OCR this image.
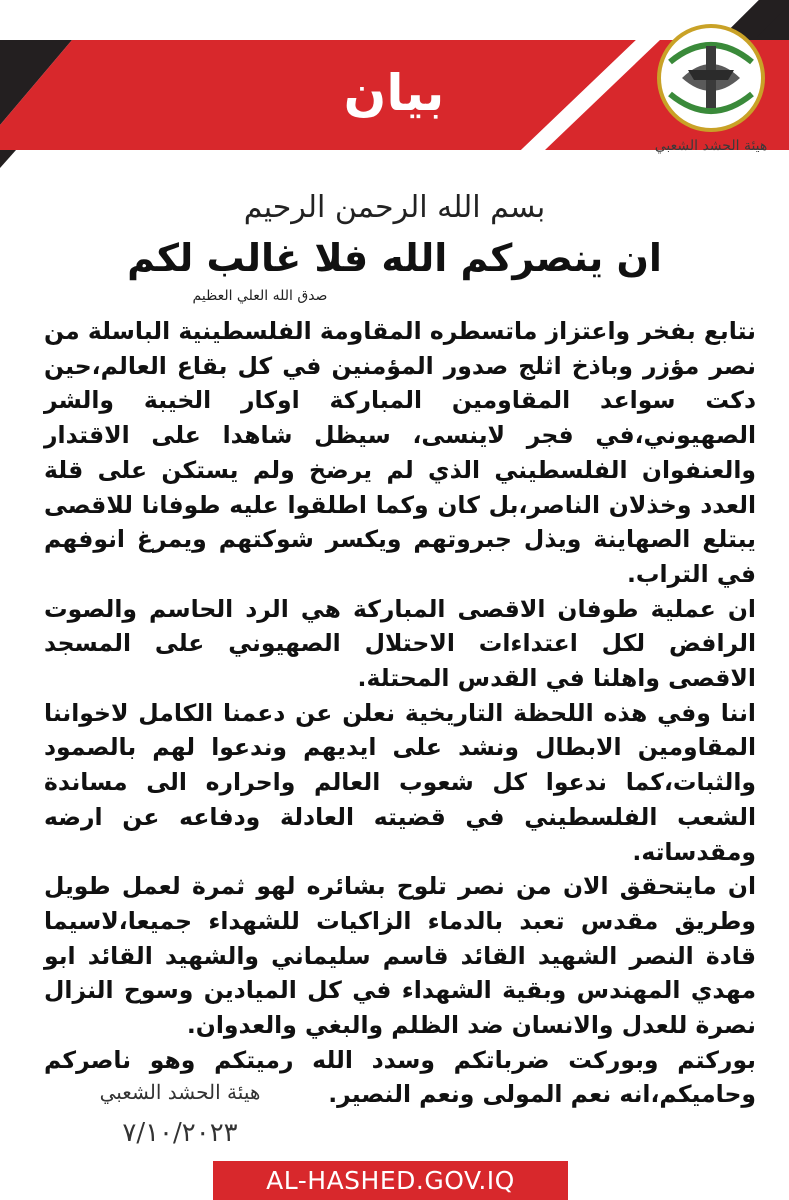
بيان
هيئة الحشد الشعبي
بسم الله الرحمن الرحيم
ان ينصركم الله فلا غالب لكم
صدق الله العلي العظيم

نتابع بفخر واعتزاز ماتسطره المقاومة الفلسطينية الباسلة من نصر مؤزر وباذخ اثلج صدور المؤمنين في كل بقاع العالم،حين دكت سواعد المقاومين المباركة اوكار الخيبة والشر الصهيوني،في فجر لاينسى، سيظل شاهدا على الاقتدار والعنفوان الفلسطيني الذي لم يرضخ ولم يستكن على قلة العدد وخذلان الناصر،بل كان وكما اطلقوا عليه طوفانا للاقصى يبتلع الصهاينة ويذل جبروتهم ويكسر شوكتهم ويمرغ انوفهم في التراب.

ان عملية طوفان الاقصى المباركة هي الرد الحاسم والصوت الرافض لكل اعتداءات الاحتلال الصهيوني على المسجد الاقصى واهلنا في القدس المحتلة.

اننا وفي هذه اللحظة التاريخية نعلن عن دعمنا الكامل لاخواننا المقاومين الابطال ونشد على ايديهم وندعوا لهم بالصمود والثبات،كما ندعوا كل شعوب العالم واحراره الى مساندة الشعب الفلسطيني في قضيته العادلة ودفاعه عن ارضه ومقدساته.

ان مايتحقق الان من نصر تلوح بشائره لهو ثمرة لعمل طويل وطريق مقدس تعبد بالدماء الزاكيات للشهداء جميعا،لاسيما قادة النصر الشهيد القائد قاسم سليماني والشهيد القائد ابو مهدي المهندس وبقية الشهداء في كل الميادين وسوح النزال نصرة للعدل والانسان ضد الظلم والبغي والعدوان.

بوركتم وبوركت ضرباتكم وسدد الله رميتكم وهو ناصركم وحاميكم،انه نعم المولى ونعم النصير.

هيئة الحشد الشعبي
٧/١٠/٢٠٢٣
AL-HASHED.GOV.IQ
